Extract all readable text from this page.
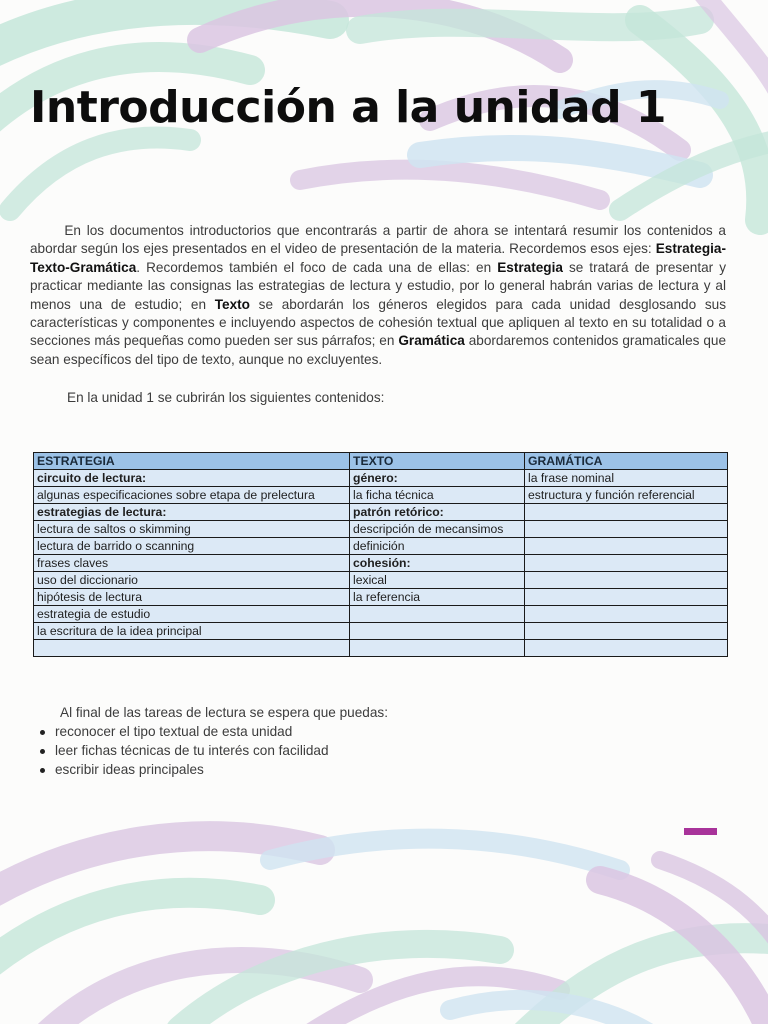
Introducción a la unidad 1

En los documentos introductorios que encontrarás a partir de ahora se intentará resumir los contenidos a abordar según los ejes presentados en el video de presentación de la materia. Recordemos esos ejes: Estrategia-Texto-Gramática. Recordemos también el foco de cada una de ellas: en Estrategia se tratará de presentar y practicar mediante las consignas las estrategias de lectura y estudio, por lo general habrán varias de lectura y al menos una de estudio; en Texto se abordarán los géneros elegidos para cada unidad desglosando sus características y componentes e incluyendo aspectos de cohesión textual que apliquen al texto en su totalidad o a secciones más pequeñas como pueden ser sus párrafos; en Gramática abordaremos contenidos gramaticales que sean específicos del tipo de texto, aunque no excluyentes.

En la unidad 1 se cubrirán los siguientes contenidos:

ESTRATEGIA	TEXTO	GRAMÁTICA
circuito de lectura:	género:	la frase nominal
algunas especificaciones sobre etapa de prelectura	la ficha técnica	estructura y función referencial
estrategias de lectura:	patrón retórico:	
lectura de saltos o skimming	descripción de mecansimos	
lectura de barrido o scanning	definición	
frases claves	cohesión:	
uso del diccionario	lexical	
hipótesis de lectura	la referencia	
estrategia de estudio		
la escritura de la idea principal		

Al final de las tareas de lectura se espera que puedas:

reconocer el tipo textual de esta unidad
leer fichas técnicas de tu interés con facilidad
escribir ideas principales
